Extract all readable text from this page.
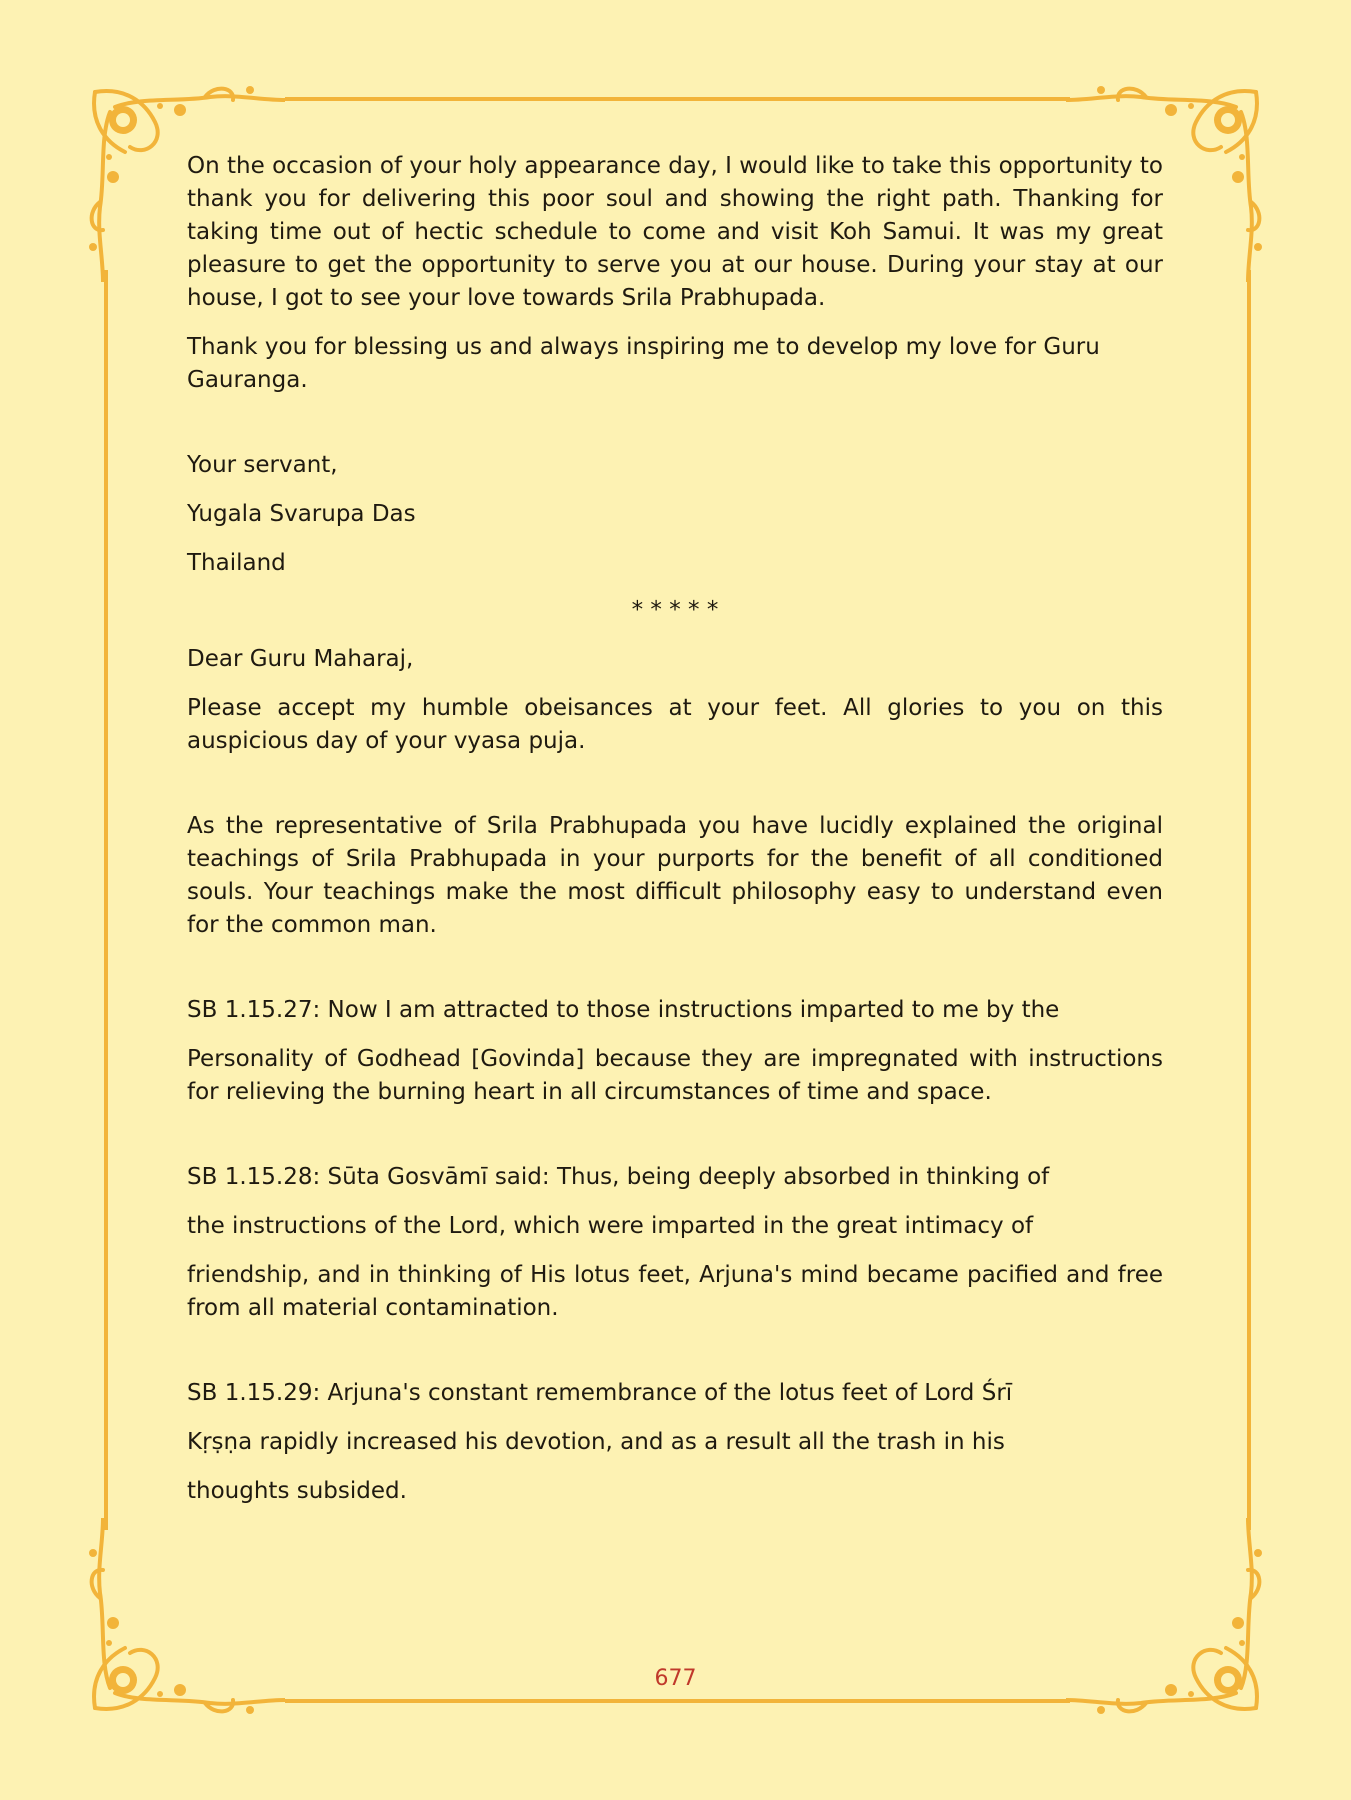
On the occasion of your holy appearance day, I would like to take this opportunity to thank you for delivering this poor soul and showing the right path. Thanking for taking time out of hectic schedule to come and visit Koh Samui. It was my great pleasure to get the opportunity to serve you at our house. During your stay at our house, I got to see your love towards Srila Prabhupada.

Thank you for blessing us and always inspiring me to develop my love for Guru Gauranga.

Your servant,

Yugala Svarupa Das

Thailand

* * * * *

Dear Guru Maharaj,

Please accept my humble obeisances at your feet. All glories to you on this auspicious day of your vyasa puja.

As the representative of Srila Prabhupada you have lucidly explained the original teachings of Srila Prabhupada in your purports for the benefit of all conditioned souls. Your teachings make the most difficult philosophy easy to understand even for the common man.

SB 1.15.27: Now I am attracted to those instructions imparted to me by the

Personality of Godhead [Govinda] because they are impregnated with instructions for relieving the burning heart in all circumstances of time and space.

SB 1.15.28: Sūta Gosvāmī said: Thus, being deeply absorbed in thinking of

the instructions of the Lord, which were imparted in the great intimacy of

friendship, and in thinking of His lotus feet, Arjuna's mind became pacified and free from all material contamination.

SB 1.15.29: Arjuna's constant remembrance of the lotus feet of Lord Śrī

Kṛṣṇa rapidly increased his devotion, and as a result all the trash in his

thoughts subsided.

677
